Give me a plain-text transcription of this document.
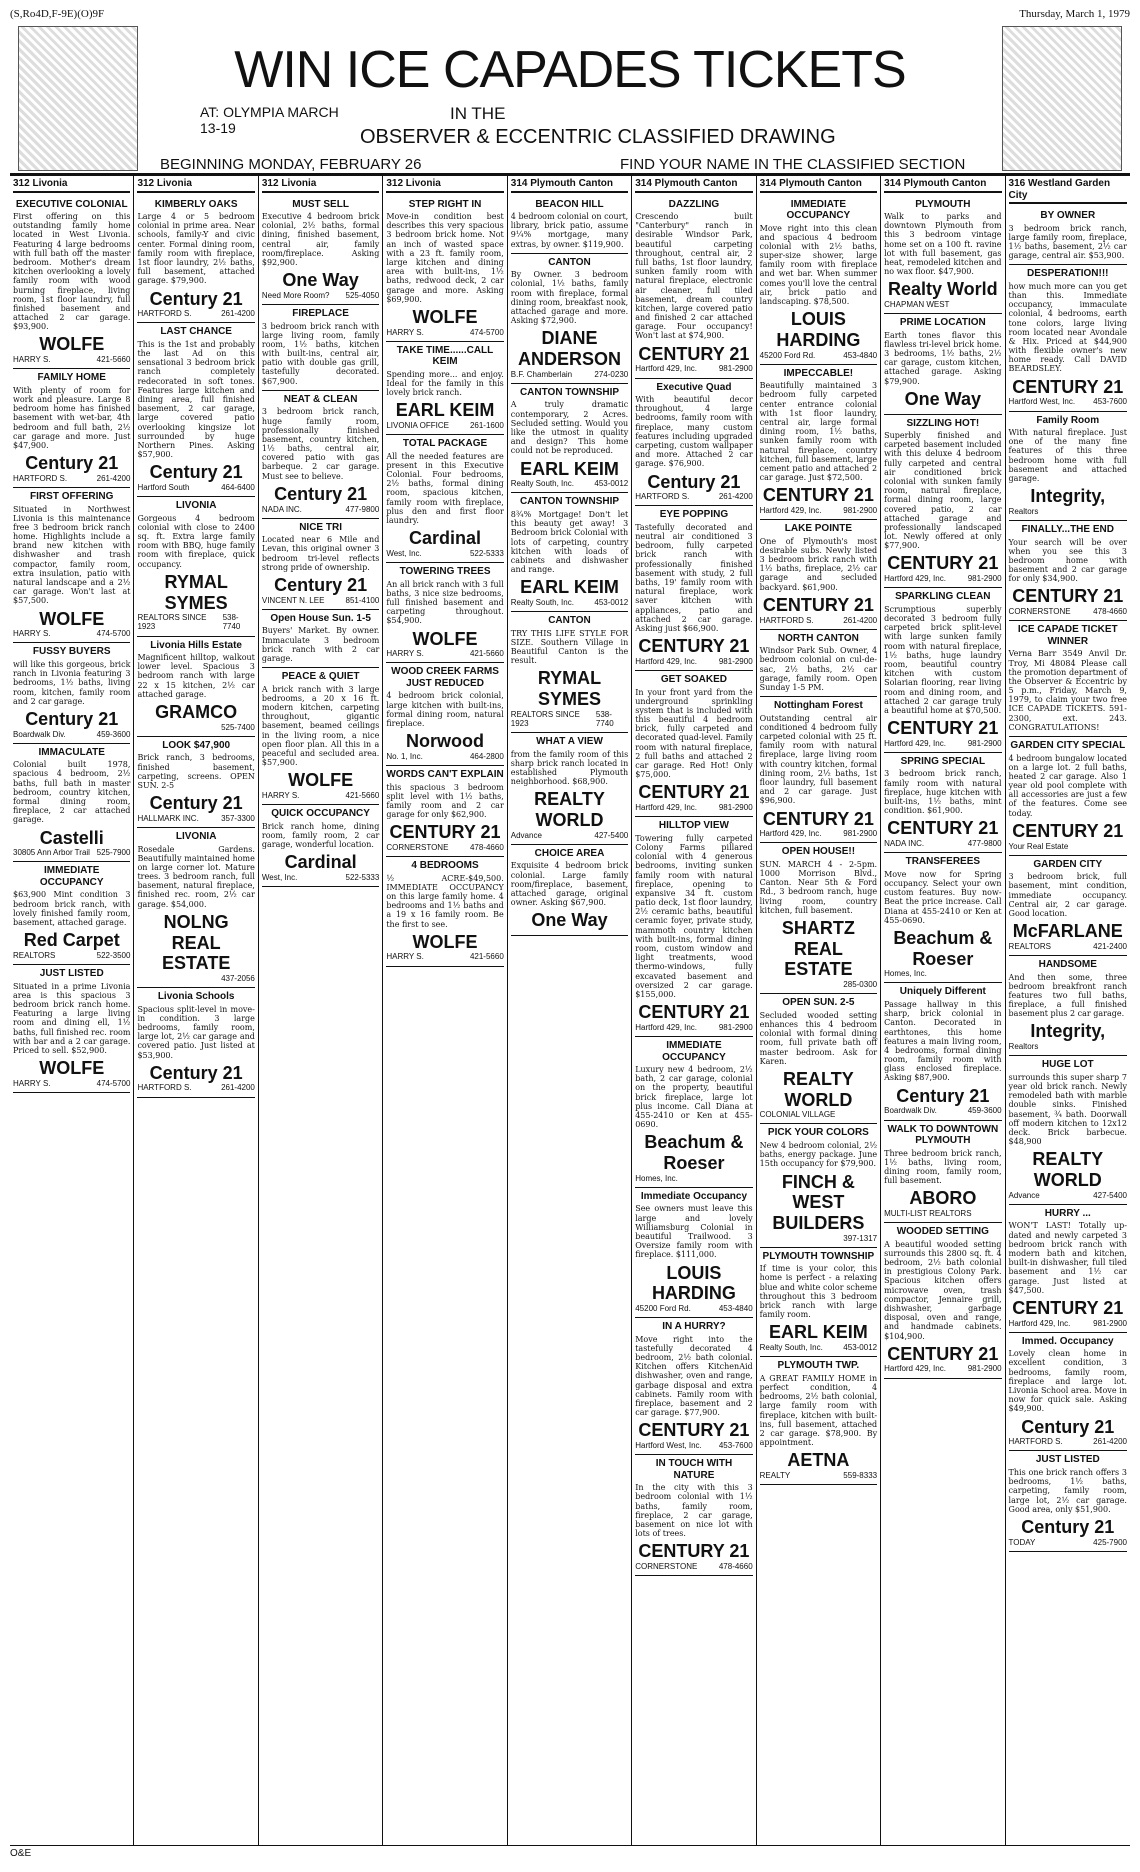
(S,Ro4D,F-9E)(O)9F	Thursday, March 1, 1979
WIN ICE CAPADES TICKETS
AT: OLYMPIA MARCH 13-19
IN THE
OBSERVER & ECCENTRIC CLASSIFIED DRAWING
BEGINNING MONDAY, FEBRUARY 26	FIND YOUR NAME IN THE CLASSIFIED SECTION
312 Livonia
EXECUTIVE COLONIAL

First offering on this outstanding family home located in West Livonia. Featuring 4 large bedrooms with full bath off the master bedroom. Mother's dream kitchen overlooking a lovely family room with wood burning fireplace, living room, 1st floor laundry, full finished basement and attached 2 car garage. $93,900.

WOLFE
HARRY S.	421-5660
FAMILY HOME

With plenty of room for work and pleasure. Large 8 bedroom home has finished basement with wet-bar, 4th bedroom and full bath, 2½ car garage and more. Just $47,900.

Century 21
HARTFORD S.	261-4200
FIRST OFFERING

Situated in Northwest Livonia is this maintenance free 3 bedroom brick ranch home. Highlights include a brand new kitchen with dishwasher and trash compactor, family room, extra insulation, patio with natural landscape and a 2½ car garage. Won't last at $57,500.

WOLFE
HARRY S.	474-5700
FUSSY BUYERS

will like this gorgeous, brick ranch in Livonia featuring 3 bedrooms, 1½ baths, living room, kitchen, family room and 2 car garage.

Century 21
Boardwalk Div.	459-3600
IMMACULATE

Colonial built 1978, spacious 4 bedroom, 2½ baths, full bath in master bedroom, country kitchen, formal dining room, fireplace, 2 car attached garage.

Castelli
30805 Ann Arbor Trail 525-7900
IMMEDIATE OCCUPANCY

$63,900 Mint condition 3 bedroom brick ranch, with lovely finished family room, basement, attached garage.

Red Carpet
REALTORS	522-3500
JUST LISTED

Situated in a prime Livonia area is this spacious 3 bedroom brick ranch home. Featuring a large living room and dining ell, 1½ baths, full finished rec. room with bar and a 2 car garage. Priced to sell. $52,900.

WOLFE
HARRY S.	474-5700
312 Livonia
KIMBERLY OAKS

Large 4 or 5 bedroom colonial in prime area. Near schools, family-Y and civic center. Formal dining room, family room with fireplace, 1st floor laundry, 2½ baths, full basement, attached garage. $79,900.

Century 21
HARTFORD S.	261-4200
LAST CHANCE

This is the 1st and probably the last Ad on this sensational 3 bedroom brick ranch completely redecorated in soft tones. Features large kitchen and dining area, full finished basement, 2 car garage, large covered patio overlooking kingsize lot surrounded by huge Northern Pines. Asking $57,900.

Century 21
Hartford South	464-6400
LIVONIA

Gorgeous 4 bedroom colonial with close to 2400 sq. ft. Extra large family room with BBQ, huge family room with fireplace, quick occupancy.

RYMAL SYMES
REALTORS SINCE 1923
538-7740
Livonia Hills Estate

Magnificent hilltop, walkout lower level. Spacious 3 bedroom ranch with large 22 x 15 kitchen, 2½ car attached garage.

GRAMCO
525-7400
LOOK $47,900

Brick ranch, 3 bedrooms, finished basement, carpeting, screens. OPEN SUN. 2-5

Century 21
HALLMARK INC.	357-3300
LIVONIA

Rosedale Gardens. Beautifully maintained home on large corner lot. Mature trees. 3 bedroom ranch, full basement, natural fireplace, finished rec. room, 2½ car garage. $54,000.

NOLNG REAL ESTATE
437-2056
Livonia Schools

Spacious split-level in move-in condition. 3 large bedrooms, family room, large lot, 2½ car garage and covered patio. Just listed at $53,900.

Century 21
HARTFORD S.	261-4200
312 Livonia
MUST SELL

Executive 4 bedroom brick colonial, 2½ baths, formal dining, finished basement, central air, family room/fireplace. Asking $92,900.

One Way
Need More Room? 525-4050
FIREPLACE

3 bedroom brick ranch with large living room, family room, 1½ baths, kitchen with built-ins, central air, patio with double gas grill, tastefully decorated. $67,900.

NEAT & CLEAN

3 bedroom brick ranch, huge family room, professionally finished basement, country kitchen, 1½ baths, central air, covered patio with gas barbeque. 2 car garage. Must see to believe.

Century 21
NADA INC.	477-9800
NICE TRI

Located near 6 Mile and Levan, this original owner 3 bedroom tri-level reflects strong pride of ownership.

Century 21
VINCENT N. LEE	851-4100
Open House Sun. 1-5

Buyers' Market. By owner. Immaculate 3 bedroom brick ranch with 2 car garage.

PEACE & QUIET

A brick ranch with 3 large bedrooms, a 20 x 16 ft. modern kitchen, carpeting throughout, gigantic basement, beamed ceilings in the living room, a nice open floor plan. All this in a peaceful and secluded area. $57,900.

WOLFE
HARRY S.	421-5660
QUICK OCCUPANCY

Brick ranch home, dining room, family room, 2 car garage, wonderful location.

Cardinal
West, Inc.	522-5333
312 Livonia
STEP RIGHT IN

Move-in condition best describes this very spacious 3 bedroom brick home. Not an inch of wasted space with a 23 ft. family room, large kitchen and dining area with built-ins, 1½ baths, redwood deck, 2 car garage and more. Asking $69,900.

WOLFE
HARRY S.	474-5700
TAKE TIME......CALL KEIM

Spending more... and enjoy. Ideal for the family in this lovely brick ranch.

EARL KEIM
LIVONIA OFFICE	261-1600
TOTAL PACKAGE

All the needed features are present in this Executive Colonial. Four bedrooms, 2½ baths, formal dining room, spacious kitchen, family room with fireplace, plus den and first floor laundry.

Cardinal
West, Inc.	522-5333
TOWERING TREES

An all brick ranch with 3 full baths, 3 nice size bedrooms, full finished basement and carpeting throughout. $54,900.

WOLFE
HARRY S.	421-5660
WOOD CREEK FARMS JUST REDUCED

4 bedroom brick colonial, large kitchen with built-ins, formal dining room, natural fireplace.

Norwood
No. 1, Inc.	464-2800
WORDS CAN'T EXPLAIN

this spacious 3 bedroom split level with 1½ baths, family room and 2 car garage for only $62,900.

CENTURY 21
CORNERSTONE	478-4660
4 BEDROOMS

½ ACRE-$49,500. IMMEDIATE OCCUPANCY on this large family home. 4 bedrooms and 1½ baths and a 19 x 16 family room. Be the first to see.

WOLFE
HARRY S.	421-5660
314 Plymouth Canton
BEACON HILL

4 bedroom colonial on court, library, brick patio, assume 9¼% mortgage, many extras, by owner. $119,900.

CANTON

By Owner. 3 bedroom colonial, 1½ baths, family room with fireplace, formal dining room, breakfast nook, attached garage and more. Asking $72,900.

DIANE ANDERSON
B.F. Chamberlain	274-0230
CANTON TOWNSHIP

A truly dramatic contemporary, 2 Acres. Secluded setting. Would you like the utmost in quality and design? This home could not be reproduced.

EARL KEIM
Realty South, Inc.	453-0012
CANTON TOWNSHIP

8¾% Mortgage! Don't let this beauty get away! 3 Bedroom brick Colonial with lots of carpeting, country kitchen with loads of cabinets and dishwasher and range.

EARL KEIM
Realty South, Inc.	453-0012
CANTON

TRY THIS LIFE STYLE FOR SIZE. Southern Village in Beautiful Canton is the result.

RYMAL SYMES
REALTORS SINCE 1923
538-7740
WHAT A VIEW

from the family room of this sharp brick ranch located in established Plymouth neighborhood. $68,900.

REALTY WORLD
Advance	427-5400
CHOICE AREA

Exquisite 4 bedroom brick colonial. Large family room/fireplace, basement, attached garage, original owner. Asking $67,900.

One Way
314 Plymouth Canton
DAZZLING

Crescendo built "Canterbury" ranch in desirable Windsor Park, beautiful carpeting throughout, central air, 2 full baths, 1st floor laundry, sunken family room with natural fireplace, electronic air cleaner, full tiled basement, dream country kitchen, large covered patio and finished 2 car attached garage. Four occupancy! Won't last at $74,900.

CENTURY 21
Hartford 429, Inc.	981-2900
Executive Quad

With beautiful decor throughout, 4 large bedrooms, family room with fireplace, many custom features including upgraded carpeting, custom wallpaper and more. Attached 2 car garage. $76,900.

Century 21
HARTFORD S.	261-4200
EYE POPPING

Tastefully decorated and neutral air conditioned 3 bedroom, fully carpeted brick ranch with professionally finished basement with study, 2 full baths, 19' family room with natural fireplace, work saver kitchen with appliances, patio and attached 2 car garage. Asking just $66,900.

CENTURY 21
Hartford 429, Inc.	981-2900
GET SOAKED

In your front yard from the underground sprinkling system that is included with this beautiful 4 bedroom brick, fully carpeted and decorated quad-level. Family room with natural fireplace, 2 full baths and attached 2 car garage. Red Hot! Only $75,000.

CENTURY 21
Hartford 429, Inc.	981-2900
HILLTOP VIEW

Towering fully carpeted Colony Farms pillared colonial with 4 generous bedrooms, inviting sunken family room with natural fireplace, opening to expansive 34 ft. custom patio deck, 1st floor laundry, 2½ ceramic baths, beautiful ceramic foyer, private study, mammoth country kitchen with built-ins, formal dining room, custom window and light treatments, wood thermo-windows, fully excavated basement and oversized 2 car garage. $155,000.

CENTURY 21
Hartford 429, Inc.	981-2900
IMMEDIATE OCCUPANCY

Luxury new 4 bedroom, 2½ bath, 2 car garage, colonial on the property, beautiful brick fireplace, large lot plus income. Call Diana at 455-2410 or Ken at 455-0690.

Beachum & Roeser
Homes, Inc.
Immediate Occupancy

See owners must leave this large and lovely Williamsburg Colonial in beautiful Trailwood. 3 Oversize family room with fireplace. $111,000.

LOUIS HARDING
45200 Ford Rd.	453-4840
IN A HURRY?

Move right into the tastefully decorated 4 bedroom, 2½ bath colonial. Kitchen offers KitchenAid dishwasher, oven and range, garbage disposal and extra cabinets. Family room with fireplace, basement and 2 car garage. $77,900.

CENTURY 21
Hartford West, Inc. 453-7600
IN TOUCH WITH NATURE

In the city with this 3 bedroom colonial with 1½ baths, family room, fireplace, 2 car garage, basement on nice lot with lots of trees.

CENTURY 21
CORNERSTONE	478-4660
314 Plymouth Canton
IMMEDIATE OCCUPANCY

Move right into this clean and spacious 4 bedroom colonial with 2½ baths, super-size shower, large family room with fireplace and wet bar. When summer comes you'll love the central air, brick patio and landscaping. $78,500.

LOUIS HARDING
45200 Ford Rd.	453-4840
IMPECCABLE!

Beautifully maintained 3 bedroom fully carpeted center entrance colonial with 1st floor laundry, central air, large formal dining room, 1½ baths, sunken family room with natural fireplace, country kitchen, full basement, large cement patio and attached 2 car garage. Just $72,500.

CENTURY 21
Hartford 429, Inc.	981-2900
LAKE POINTE

One of Plymouth's most desirable subs. Newly listed 3 bedroom brick ranch with 1½ baths, fireplace, 2½ car garage and secluded backyard. $61,900.

CENTURY 21
HARTFORD S.	261-4200
NORTH CANTON

Windsor Park Sub. Owner, 4 bedroom colonial on cul-de-sac, 2½ baths, 2½ car garage, family room. Open Sunday 1-5 PM.

Nottingham Forest

Outstanding central air conditioned 4 bedroom fully carpeted colonial with 25 ft. family room with natural fireplace, large living room with country kitchen, formal dining room, 2½ baths, 1st floor laundry, full basement and 2 car garage. Just $96,900.

CENTURY 21
Hartford 429, Inc.	981-2900
OPEN HOUSE!!

SUN. MARCH 4 - 2-5pm. 1000 Morrison Blvd., Canton. Near 5th & Ford Rd., 3 bedroom ranch, huge living room, country kitchen, full basement.

SHARTZ REAL ESTATE
285-0300
OPEN SUN. 2-5

Secluded wooded setting enhances this 4 bedroom colonial with formal dining room, full private bath off master bedroom. Ask for Karen.

REALTY WORLD
COLONIAL VILLAGE
PICK YOUR COLORS

New 4 bedroom colonial, 2½ baths, energy package. June 15th occupancy for $79,900.

FINCH & WEST BUILDERS
397-1317
PLYMOUTH TOWNSHIP

If time is your color, this home is perfect - a relaxing blue and white color scheme throughout this 3 bedroom brick ranch with large family room.

EARL KEIM
Realty South, Inc.	453-0012
PLYMOUTH TWP.

A GREAT FAMILY HOME in perfect condition, 4 bedrooms, 2½ bath colonial, large family room with fireplace, kitchen with built-ins, full basement, attached 2 car garage. $78,900. By appointment.

AETNA
REALTY	559-8333
314 Plymouth Canton
PLYMOUTH

Walk to parks and downtown Plymouth from this 3 bedroom vintage home set on a 100 ft. ravine lot with full basement, gas heat, remodeled kitchen and no wax floor. $47,900.

Realty World
CHAPMAN WEST
PRIME LOCATION

Earth tones flavor this flawless tri-level brick home. 3 bedrooms, 1½ baths, 2½ car garage, custom kitchen, attached garage. Asking $79,900.

One Way
SIZZLING HOT!

Superbly finished and carpeted basement included with this deluxe 4 bedroom fully carpeted and central air conditioned brick colonial with sunken family room, natural fireplace, formal dining room, large covered patio, 2 car attached garage and professionally landscaped lot. Newly offered at only $77,900.

CENTURY 21
Hartford 429, Inc.	981-2900
SPARKLING CLEAN

Scrumptious superbly decorated 3 bedroom fully carpeted brick split-level with large sunken family room with natural fireplace, 1½ baths, huge laundry room, beautiful country kitchen with custom Solarian flooring, rear living room and dining room, and attached 2 car garage truly a beautiful home at $70,500.

CENTURY 21
Hartford 429, Inc.	981-2900
SPRING SPECIAL

3 bedroom brick ranch, family room with natural fireplace, huge kitchen with built-ins, 1½ baths, mint condition. $61,900.

CENTURY 21
NADA INC.	477-9800
TRANSFEREES

Move now for Spring occupancy. Select your own custom features. Buy now-Beat the price increase. Call Diana at 455-2410 or Ken at 455-0690.

Beachum & Roeser
Homes, Inc.
Uniquely Different

Passage hallway in this sharp, brick colonial in Canton. Decorated in earthtones, this home features a main living room, 4 bedrooms, formal dining room, family room with glass enclosed fireplace. Asking $87,900.

Century 21
Boardwalk Div.	459-3600
WALK TO DOWNTOWN PLYMOUTH

Three bedroom brick ranch, 1½ baths, living room, dining room, family room, full basement.

ABORO
MULTI-LIST REALTORS
WOODED SETTING

A beautiful wooded setting surrounds this 2800 sq. ft. 4 bedroom, 2½ bath colonial in prestigious Colony Park. Spacious kitchen offers microwave oven, trash compactor, Jennaire grill, dishwasher, garbage disposal, oven and range, and handmade cabinets. $104,900.

CENTURY 21
Hartford 429, Inc.	981-2900
316 Westland Garden City
BY OWNER

3 bedroom brick ranch, large family room, fireplace, 1½ baths, basement, 2½ car garage, central air. $53,900.

DESPERATION!!!

how much more can you get than this. Immediate occupancy, immaculate colonial, 4 bedrooms, earth tone colors, large living room located near Avondale & Hix. Priced at $44,900 with flexible owner's new home ready. Call DAVID BEARDSLEY.

CENTURY 21
Hartford West, Inc. 453-7600
Family Room

With natural fireplace. Just one of the many fine features of this three bedroom home with full basement and attached garage.

Integrity,
Realtors
FINALLY...THE END

Your search will be over when you see this 3 bedroom home with basement and 2 car garage for only $34,900.

CENTURY 21
CORNERSTONE	478-4660
ICE CAPADE TICKET WINNER

Verna Barr 3549 Anvil Dr. Troy, Mi 48084 Please call the promotion department of the Observer & Eccentric by 5 p.m., Friday, March 9, 1979, to claim your two free ICE CAPADE TICKETS. 591-2300, ext. 243. CONGRATULATIONS!

GARDEN CITY SPECIAL

4 bedroom bungalow located on a large lot. 2 full baths, heated 2 car garage. Also 1 year old pool complete with all accessories are just a few of the features. Come see today.

CENTURY 21
Your Real Estate
GARDEN CITY

3 bedroom brick, full basement, mint condition, immediate occupancy. Central air, 2 car garage. Good location.

McFARLANE
REALTORS	421-2400
HANDSOME

And then some, three bedroom breakfront ranch features two full baths, fireplace, a full finished basement plus 2 car garage.

Integrity,
Realtors
HUGE LOT

surrounds this super sharp 7 year old brick ranch. Newly remodeled bath with marble double sinks. Finished basement, ¾ bath. Doorwall off modern kitchen to 12x12 deck. Brick barbecue. $48,900

REALTY WORLD
Advance	427-5400
HURRY ...

WON'T LAST! Totally up-dated and newly carpeted 3 bedroom brick ranch with modern bath and kitchen, built-in dishwasher, full tiled basement and 1½ car garage. Just listed at $47,500.

CENTURY 21
Hartford 429, Inc.	981-2900
Immed. Occupancy

Lovely clean home in excellent condition, 3 bedrooms, family room, fireplace and large lot. Livonia School area. Move in now for quick sale. Asking $49,900.

Century 21
HARTFORD S.	261-4200
JUST LISTED

This one brick ranch offers 3 bedrooms, 1½ baths, carpeting, family room, large lot, 2½ car garage. Good area, only $51,900.

Century 21
TODAY	425-7900
O&E
